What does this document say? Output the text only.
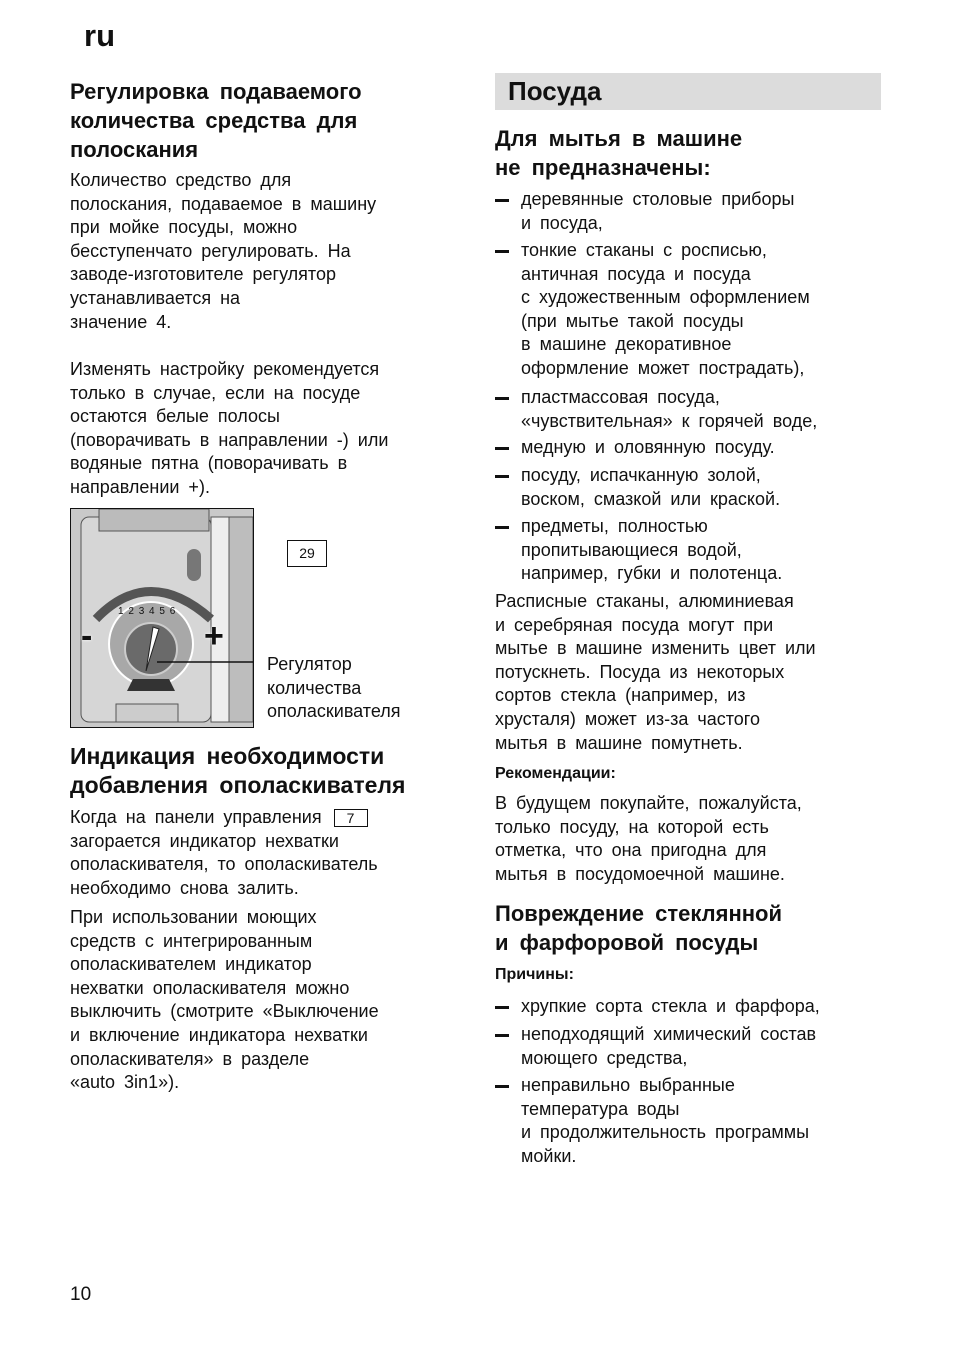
ru
Регулировка подаваемого
количества средства для
полоскания
Количество средство для
полоскания, подаваемое в машину
при мойке посуды, можно
бесступенчато регулировать. На
заводе-изготовителе регулятор
устанавливается на
значение 4.
Изменять настройку рекомендуется
только в случае, если на посуде
остаются белые полосы
(поворачивать в направлении -) или
водяные пятна (поворачивать в
направлении +).
1 2 3 4 5 6
-	+
29
Регулятор
количества
ополаскивателя
Индикация необходимости
добавления ополаскивателя
Когда на панели управления 7
загорается индикатор нехватки
ополаскивателя, то ополаскиватель
необходимо снова залить.
При использовании моющих
средств с интегрированным
ополаскивателем индикатор
нехватки ополаскивателя можно
выключить (смотрите «Выключение
и включение индикатора нехватки
ополаскивателя» в разделе
«auto 3in1»).
10
Посуда
Для мытья в машине
не предназначены:
деревянные столовые приборы
и посуда,
тонкие стаканы с росписью,
античная посуда и посуда
с художественным оформлением
(при мытье такой посуды
в машине декоративное
оформление может пострадать),
пластмассовая посуда,
«чувствительная» к горячей воде,
медную и оловянную посуду.
посуду, испачканную золой,
воском, смазкой или краской.
предметы, полностью
пропитывающиеся водой,
например, губки и полотенца.
Расписные стаканы, алюминиевая
и серебряная посуда могут при
мытье в машине изменить цвет или
потускнеть. Посуда из некоторых
сортов стекла (например, из
хрусталя) может из-за частого
мытья в машине помутнеть.
Рекомендации:
В будущем покупайте, пожалуйста,
только посуду, на которой есть
отметка, что она пригодна для
мытья в посудомоечной машине.
Повреждение стеклянной
и фарфоровой посуды
Причины:
хрупкие сорта стекла и фарфора,
неподходящий химический состав
моющего средства,
неправильно выбранные
температура воды
и продолжительность программы
мойки.
